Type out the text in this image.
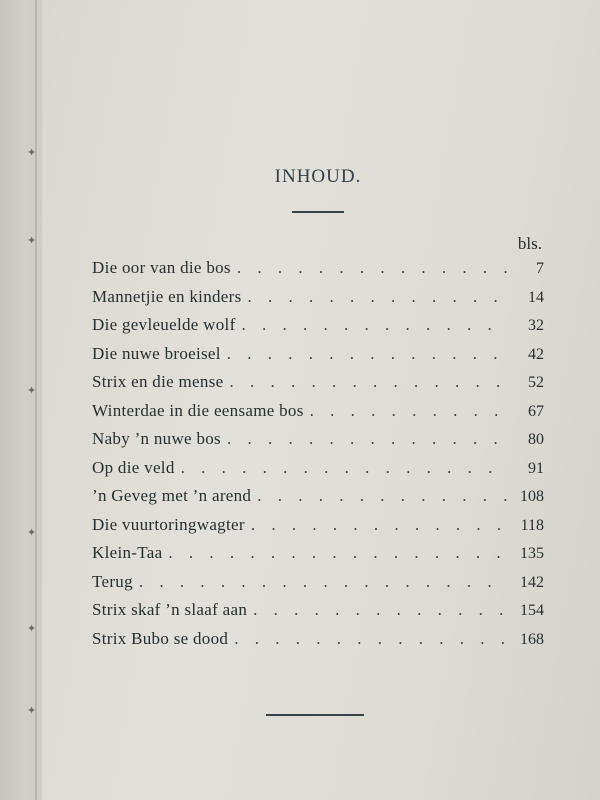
✦
✦
✦
✦
✦
✦
INHOUD.
bls.
Die oor van die bos . . .	7
Mannetjie en kinders . . .	14
Die gevleuelde wolf . . .	32
Die nuwe broeisel . . .	42
Strix en die mense . . .	52
Winterdae in die eensame bos . . .	67
Naby ’n nuwe bos . . .	80
Op die veld . . .	91
’n Geveg met ’n arend . . .	108
Die vuurtoringwagter . . .	118
Klein-Taa . . .	135
Terug . . .	142
Strix skaf ’n slaaf aan . . .	154
Strix Bubo se dood . . .	168
